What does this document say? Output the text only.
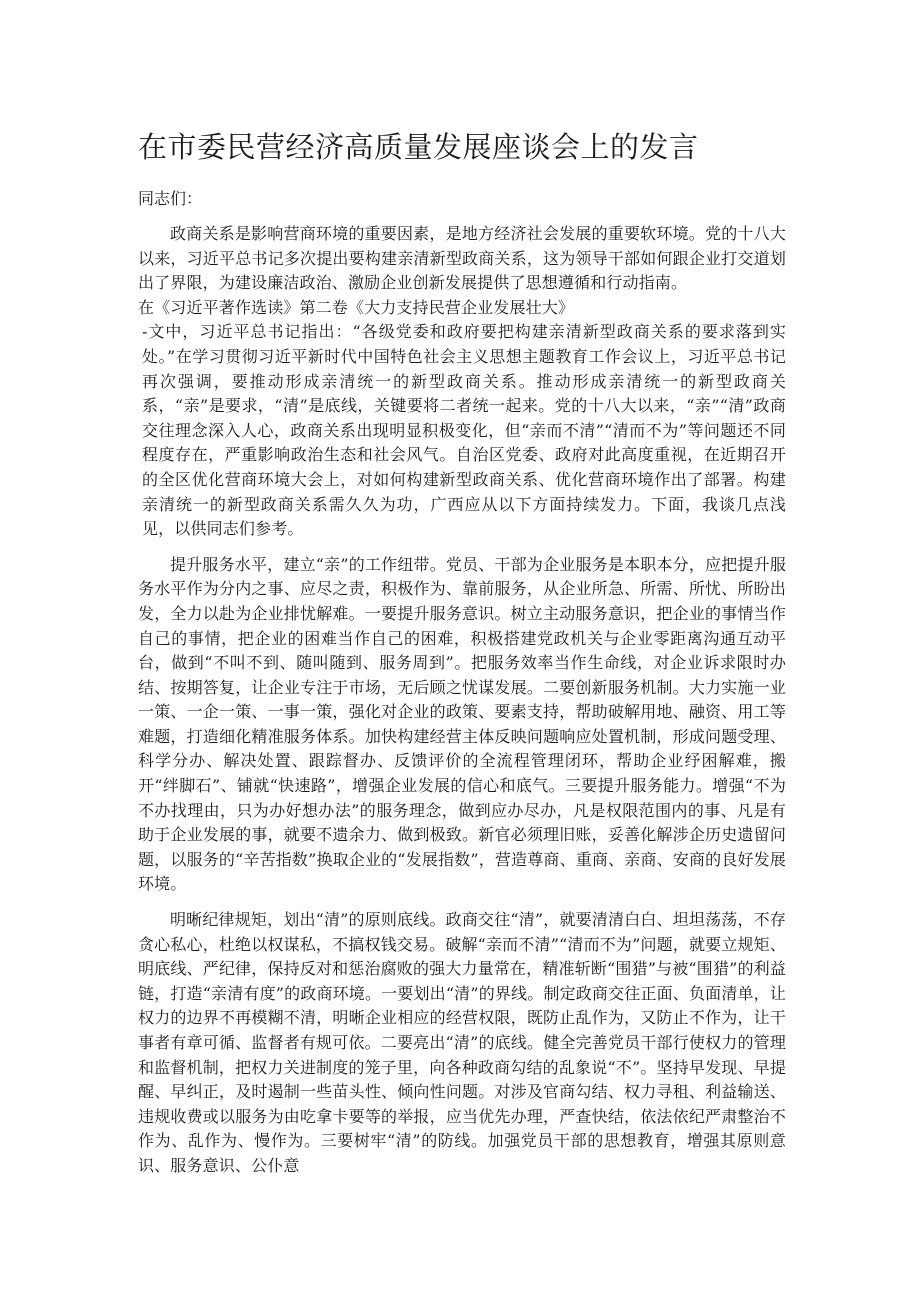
在市委民营经济高质量发展座谈会上的发言

同志们：

政商关系是影响营商环境的重要因素，是地方经济社会发展的重要软环境。党的十八大以来，习近平总书记多次提出要构建亲清新型政商关系，这为领导干部如何跟企业打交道划出了界限，为建设廉洁政治、激励企业创新发展提供了思想遵循和行动指南。

在《习近平著作选读》第二卷《大力支持民营企业发展壮大》

-文中，习近平总书记指出：“各级党委和政府要把构建亲清新型政商关系的要求落到实处。”在学习贯彻习近平新时代中国特色社会主义思想主题教育工作会议上，习近平总书记再次强调，要推动形成亲清统一的新型政商关系。推动形成亲清统一的新型政商关系，“亲”是要求，“清”是底线，关键要将二者统一起来。党的十八大以来，“亲”“清”政商交往理念深入人心，政商关系出现明显积极变化，但“亲而不清”“清而不为”等问题还不同程度存在，严重影响政治生态和社会风气。自治区党委、政府对此高度重视，在近期召开的全区优化营商环境大会上，对如何构建新型政商关系、优化营商环境作出了部署。构建亲清统一的新型政商关系需久久为功，广西应从以下方面持续发力。下面，我谈几点浅见，以供同志们参考。

提升服务水平，建立“亲”的工作纽带。党员、干部为企业服务是本职本分，应把提升服务水平作为分内之事、应尽之责，积极作为、靠前服务，从企业所急、所需、所忧、所盼出发，全力以赴为企业排忧解难。一要提升服务意识。树立主动服务意识，把企业的事情当作自己的事情，把企业的困难当作自己的困难，积极搭建党政机关与企业零距离沟通互动平台，做到“不叫不到、随叫随到、服务周到”。把服务效率当作生命线，对企业诉求限时办结、按期答复，让企业专注于市场，无后顾之忧谋发展。二要创新服务机制。大力实施一业一策、一企一策、一事一策，强化对企业的政策、要素支持，帮助破解用地、融资、用工等难题，打造细化精准服务体系。加快构建经营主体反映问题响应处置机制，形成问题受理、科学分办、解决处置、跟踪督办、反馈评价的全流程管理闭环，帮助企业纾困解难，搬开“绊脚石”、铺就“快速路”，增强企业发展的信心和底气。三要提升服务能力。增强“不为不办找理由，只为办好想办法”的服务理念，做到应办尽办，凡是权限范围内的事、凡是有助于企业发展的事，就要不遗余力、做到极致。新官必须理旧账，妥善化解涉企历史遗留问题，以服务的“辛苦指数”换取企业的“发展指数”，营造尊商、重商、亲商、安商的良好发展环境。

明晰纪律规矩，划出“清”的原则底线。政商交往“清”，就要清清白白、坦坦荡荡，不存贪心私心，杜绝以权谋私，不搞权钱交易。破解“亲而不清”“清而不为”问题，就要立规矩、明底线、严纪律，保持反对和惩治腐败的强大力量常在，精准斩断“围猎”与被“围猎”的利益链，打造“亲清有度”的政商环境。一要划出“清”的界线。制定政商交往正面、负面清单，让权力的边界不再模糊不清，明晰企业相应的经营权限，既防止乱作为，又防止不作为，让干事者有章可循、监督者有规可依。二要亮出“清”的底线。健全完善党员干部行使权力的管理和监督机制，把权力关进制度的笼子里，向各种政商勾结的乱象说“不”。坚持早发现、早提醒、早纠正，及时遏制一些苗头性、倾向性问题。对涉及官商勾结、权力寻租、利益输送、违规收费或以服务为由吃拿卡要等的举报，应当优先办理，严查快结，依法依纪严肃整治不作为、乱作为、慢作为。三要树牢“清”的防线。加强党员干部的思想教育，增强其原则意识、服务意识、公仆意
